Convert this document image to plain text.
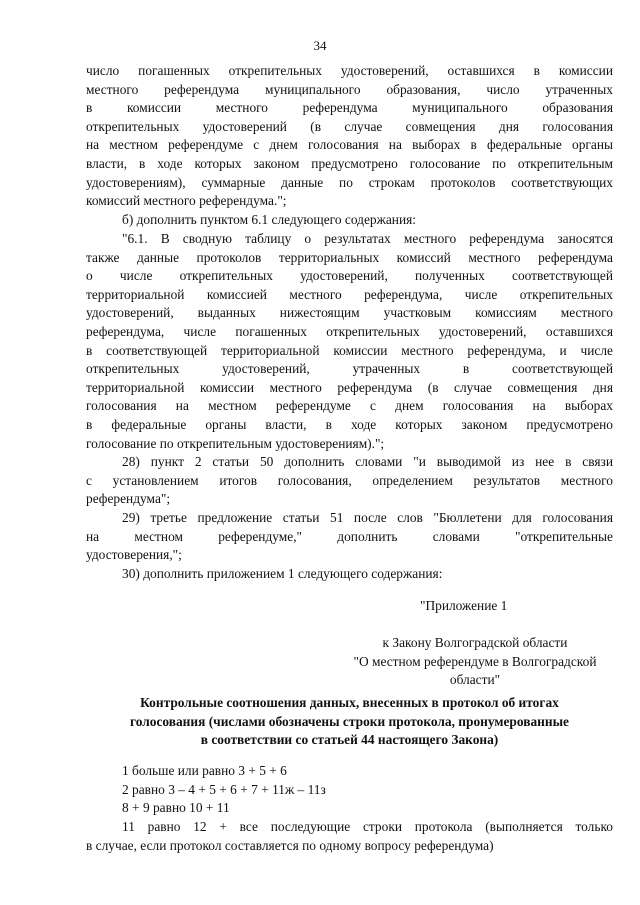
34
число погашенных открепительных удостоверений, оставшихся в комиссии
местного референдума муниципального образования, число утраченных
в комиссии местного референдума муниципального образования
открепительных удостоверений (в случае совмещения дня голосования
на местном референдуме с днем голосования на выборах в федеральные органы
власти, в ходе которых законом предусмотрено голосование по открепительным
удостоверениям), суммарные данные по строкам протоколов соответствующих
комиссий местного референдума.";
б) дополнить пунктом 6.1 следующего содержания:
"6.1. В сводную таблицу о результатах местного референдума заносятся
также данные протоколов территориальных комиссий местного референдума
о числе открепительных удостоверений, полученных соответствующей
территориальной комиссией местного референдума, числе открепительных
удостоверений, выданных нижестоящим участковым комиссиям местного
референдума, числе погашенных открепительных удостоверений, оставшихся
в соответствующей территориальной комиссии местного референдума, и числе
открепительных удостоверений, утраченных в соответствующей
территориальной комиссии местного референдума (в случае совмещения дня
голосования на местном референдуме с днем голосования на выборах
в федеральные органы власти, в ходе которых законом предусмотрено
голосование по открепительным удостоверениям).";
28) пункт 2 статьи 50 дополнить словами "и выводимой из нее в связи
с установлением итогов голосования, определением результатов местного
референдума";
29) третье предложение статьи 51 после слов "Бюллетени для голосования
на местном референдуме," дополнить словами "открепительные
удостоверения,";
30) дополнить приложением 1 следующего содержания:
"Приложение 1
к Закону Волгоградской области
"О местном референдуме в Волгоградской
области"
Контрольные соотношения данных, внесенных в протокол об итогах
голосования (числами обозначены строки протокола, пронумерованные
в соответствии со статьей 44 настоящего Закона)
1 больше или равно 3 + 5 + 6
2 равно 3 – 4 + 5 + 6 + 7 + 11ж – 11з
8 + 9 равно 10 + 11
11 равно 12 + все последующие строки протокола (выполняется только
в случае, если протокол составляется по одному вопросу референдума)
